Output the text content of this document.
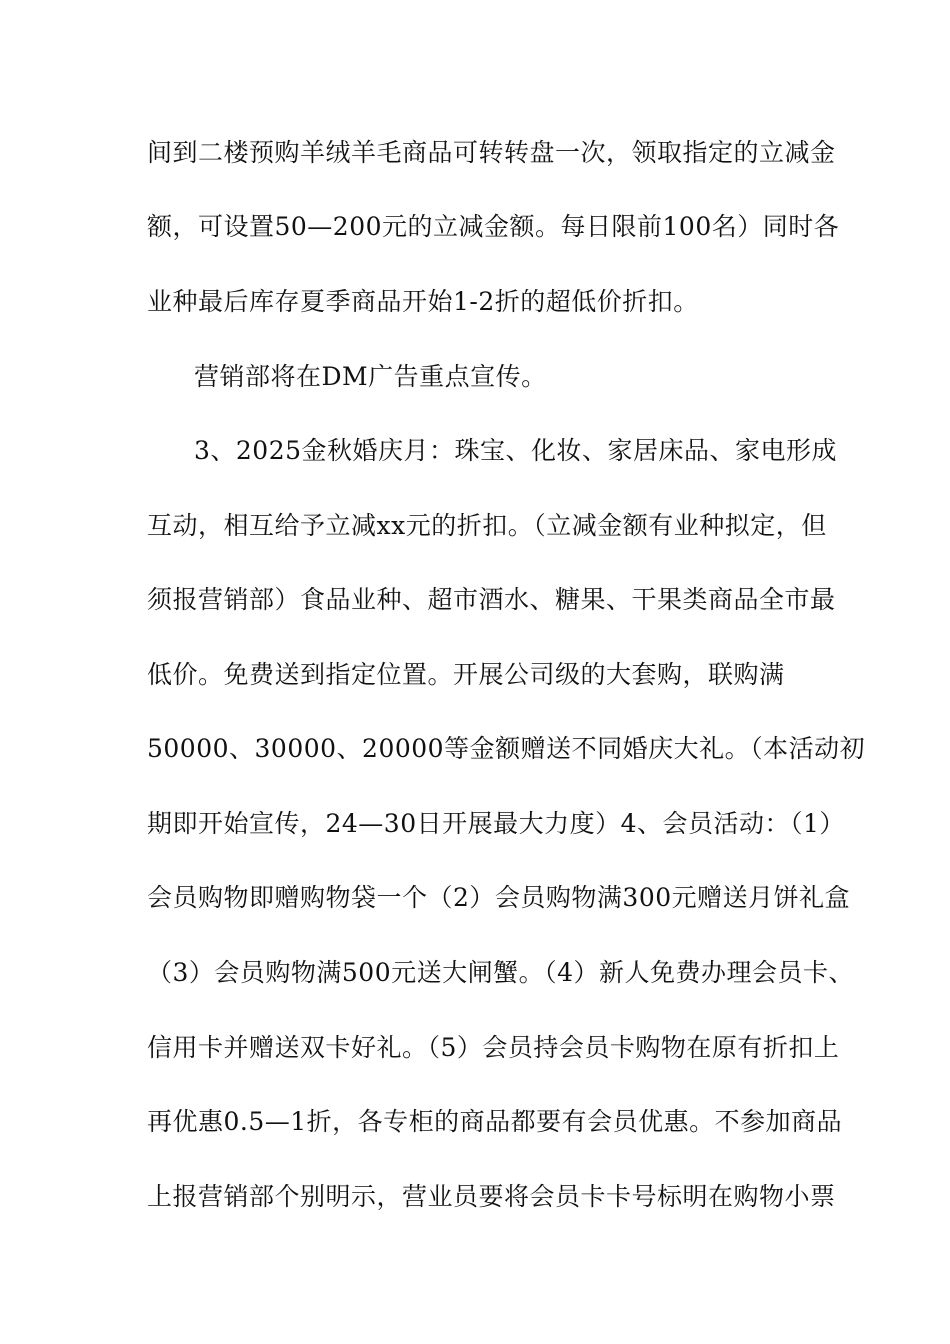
间到二楼预购羊绒羊毛商品可转转盘一次，领取指定的立减金
额，可设置50—200元的立减金额。每日限前100名）同时各
业种最后库存夏季商品开始1-2折的超低价折扣。
营销部将在DM广告重点宣传。
3、2025金秋婚庆月：珠宝、化妆、家居床品、家电形成
互动，相互给予立减xx元的折扣。（立减金额有业种拟定，但
须报营销部）食品业种、超市酒水、糖果、干果类商品全市最
低价。免费送到指定位置。开展公司级的大套购，联购满
50000、30000、20000等金额赠送不同婚庆大礼。（本活动初
期即开始宣传，24—30日开展最大力度）4、会员活动：（1）
会员购物即赠购物袋一个（2）会员购物满300元赠送月饼礼盒
（3）会员购物满500元送大闸蟹。（4）新人免费办理会员卡、
信用卡并赠送双卡好礼。（5）会员持会员卡购物在原有折扣上
再优惠0.5—1折，各专柜的商品都要有会员优惠。不参加商品
上报营销部个别明示，营业员要将会员卡卡号标明在购物小票
